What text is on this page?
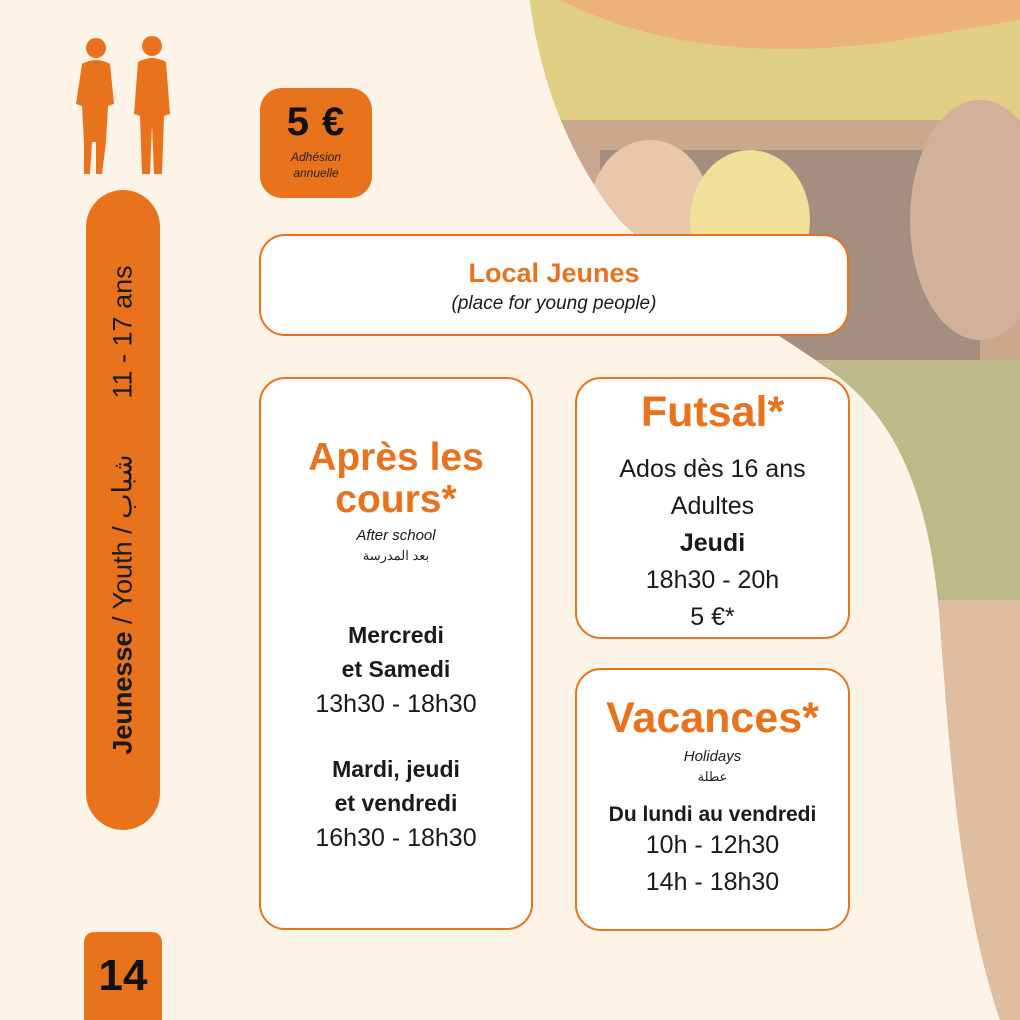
Jeunesse / Youth / شباب
11 - 17 ans
14
5 €
Adhésion annuelle
Local Jeunes
(place for young people)
Après les cours*
After school
بعد المدرسة
Mercredi
et Samedi
13h30 - 18h30
Mardi, jeudi
et vendredi
16h30 - 18h30
Futsal*
Ados dès 16 ans
Adultes
Jeudi
18h30 - 20h
5 €*
Vacances*
Holidays
عطلة
Du lundi au vendredi
10h - 12h30
14h - 18h30
